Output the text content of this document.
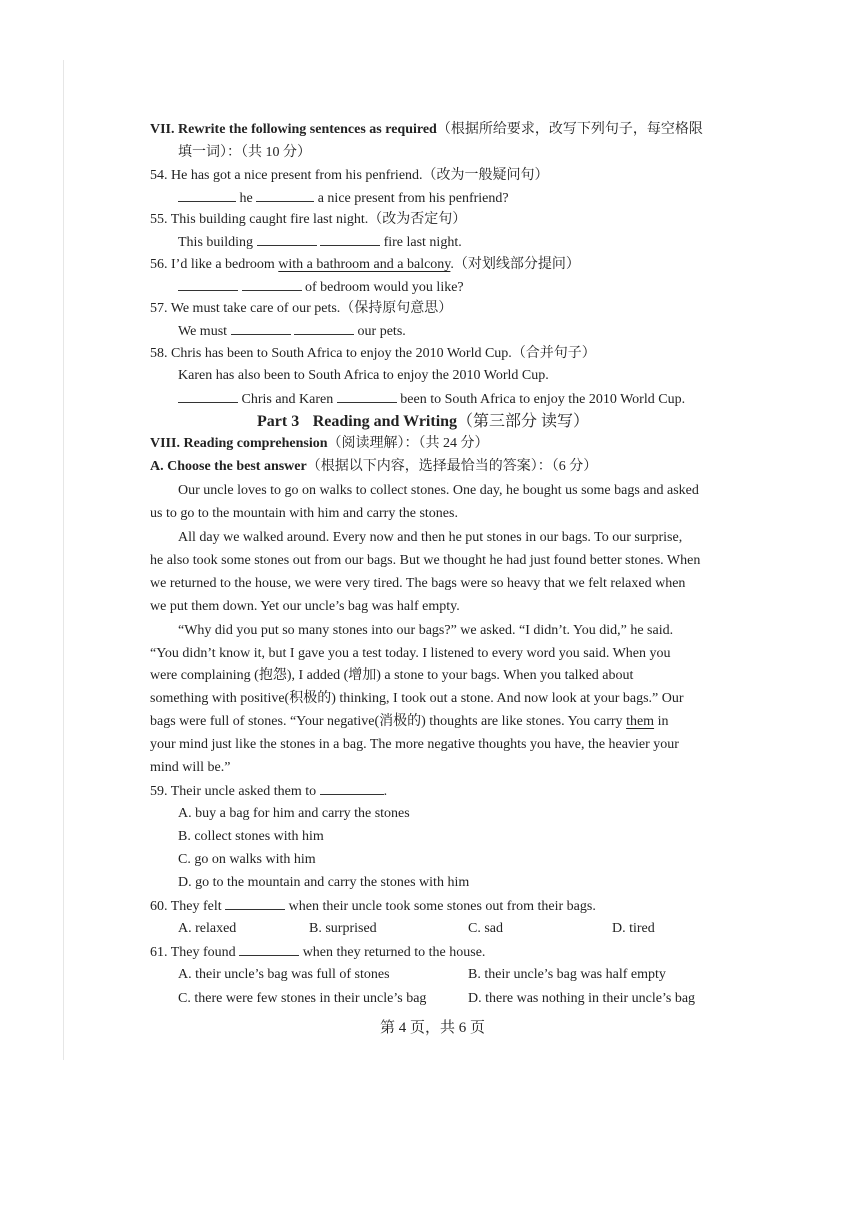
VII. Rewrite the following sentences as required（根据所给要求，改写下列句子，每空格限
填一词）：（共 10 分）
54. He has got a nice present from his penfriend.（改为一般疑问句）
he	a nice present from his penfriend?
55. This building caught fire last night.（改为否定句）
This building	fire last night.
56. I’d like a bedroom with a bathroom and a balcony.（对划线部分提问）
of bedroom would you like?
57. We must take care of our pets.（保持原句意思）
We must	our pets.
58. Chris has been to South Africa to enjoy the 2010 World Cup.（合并句子）
Karen has also been to South Africa to enjoy the 2010 World Cup.
Chris and Karen	been to South Africa to enjoy the 2010 World Cup.
Part 3 Reading and Writing（第三部分 读写）
VIII. Reading comprehension（阅读理解）：（共 24 分）
A. Choose the best answer（根据以下内容，选择最恰当的答案）：（6 分）
Our uncle loves to go on walks to collect stones. One day, he bought us some bags and asked
us to go to the mountain with him and carry the stones.
All day we walked around. Every now and then he put stones in our bags. To our surprise,
he also took some stones out from our bags. But we thought he had just found better stones. When
we returned to the house, we were very tired. The bags were so heavy that we felt relaxed when
we put them down. Yet our uncle’s bag was half empty.
“Why did you put so many stones into our bags?” we asked. “I didn’t. You did,” he said.
“You didn’t know it, but I gave you a test today. I listened to every word you said. When you
were complaining (抱怨), I added (增加) a stone to your bags. When you talked about
something with positive(积极的) thinking, I took out a stone. And now look at your bags.” Our
bags were full of stones. “Your negative(消极的) thoughts are like stones. You carry them in
your mind just like the stones in a bag. The more negative thoughts you have, the heavier your
mind will be.”
59. Their uncle asked them to	.
A. buy a bag for him and carry the stones
B. collect stones with him
C. go on walks with him
D. go to the mountain and carry the stones with him
60. They felt	when their uncle took some stones out from their bags.
A. relaxed	B. surprised	C. sad	D. tired
61. They found	when they returned to the house.
A. their uncle’s bag was full of stones	B. their uncle’s bag was half empty
C. there were few stones in their uncle’s bag	D. there was nothing in their uncle’s bag
第 4 页，共 6 页
